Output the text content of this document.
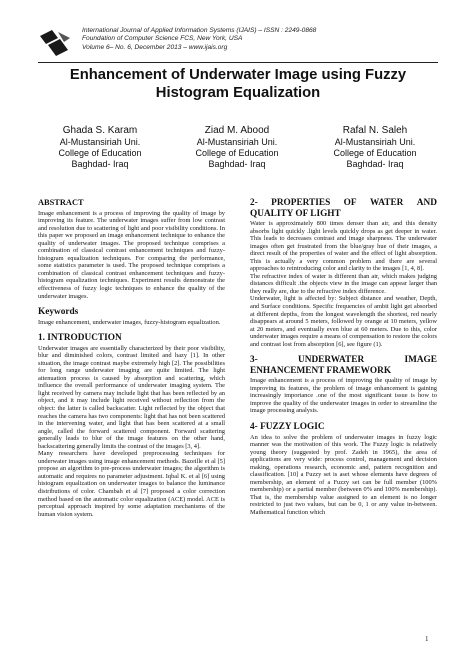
International Journal of Applied Information Systems (IJAIS) – ISSN : 2249-0868
Foundation of Computer Science FCS, New York, USA
Volume 6– No. 6, December 2013 – www.ijais.org
Enhancement of Underwater Image using Fuzzy
Histogram Equalization
Ghada S. Karam
Al-Mustansiriah Uni.
College of Education
Baghdad- Iraq
Ziad M. Abood
Al-Mustansiriah Uni.
College of Education
Baghdad- Iraq
Rafal N. Saleh
Al-Mustansiriah Uni.
College of Education
Baghdad- Iraq
ABSTRACT

Image enhancement is a process of improving the quality of image by improving its feature. The underwater images suffer from low contrast and resolution due to scattering of light and poor visibility conditions. In this paper we proposed an image enhancement technique to enhance the quality of underwater images. The proposed technique comprises a combination of classical contrast enhancement techniques and fuzzy-histogram equalization techniques. For comparing the performance, some statistics parameter is used. The proposed technique comprises a combination of classical contrast enhancement techniques and fuzzy-histogram equalization techniques. Experiment results demonstrate the effectiveness of fuzzy logic techniques to enhance the quality of the underwater images.

Keywords

Image enhancement, underwater images, fuzzy-histogram equalization.

1. INTRODUCTION

Underwater images are essentially characterized by their poor visibility, blur and diminished colors, contrast limited and hazy [1]. In other situation, the image contrast maybe extremely high [2]. The possibilities for long range underwater imaging are quite limited. The light attenuation process is caused by absorption and scattering, which influence the overall performance of underwater imaging system. The light received by camera may include light that has been reflected by an object, and it may include light received without reflection from the object: the latter is called backscatter. Light reflected by the object that reaches the camera has two components: light that has not been scattered in the intervening water, and light that has been scattered at a small angle, called the forward scattered component. Forward scattering generally leads to blur of the image features on the other hand, backscattering generally limits the contrast of the images [3, 4].

Many researchers have developed preprocessing techniques for underwater images using image enhancement methods. Bazeille et al [5] propose an algorithm to pre-process underwater images; the algorithm is automatic and requires no parameter adjustment. Iqbal K. et al [6] using histogram equalization on underwater images to balance the luminance distributions of color. Chambah et al [7] proposed a color correction method based on the automatic color equalization (ACE) model. ACE is perceptual approach inspired by some adaptation mechanisms of the human vision system.

2- PROPERTIES OF WATER AND
QUALITY OF LIGHT

Water is approximately 800 times denser than air, and this density absorbs light quickly .light levels quickly drops as get deeper in water. This leads to decreases contrast and image sharpness. The underwater images often get frustrated from the blue/gray hue of their images, a direct result of the properties of water and the effect of light absorption. This is actually a very common problem and there are several approaches to reintroducing color and clarity to the images [1, 4, 8].

The refractive index of water is different than air, which makes judging distances difficult .the objects view in the image can appear larger than they really are, due to the refractive index difference.

Underwater, light is affected by: Subject distance and weather, Depth, and Surface conditions. Specific frequencies of ambit light get absorbed at different depths, from the longest wavelength the shortest, red nearly disappears at around 5 meters, followed by orange at 10 meters, yellow at 20 meters, and eventually even blue at 60 meters. Due to this, color underwater images require a means of compensation to restore the colors and contrast lost from absorption [6], see figure (1).

3-	UNDERWATER	IMAGE
ENHANCEMENT FRAMEWORK

Image enhancement is a process of improving the quality of image by improving its features, the problem of image enhancement is gaining increasingly importance .one of the most significant issue is how to improve the quality of the underwater images in order to streamline the image processing analysis.

4- FUZZY LOGIC

An idea to solve the problem of underwater images in fuzzy logic manner was the motivation of this work. The Fuzzy logic is relatively young theory (suggested by prof. Zadeh in 1965), the area of applications are very wide: process control, management and decision making, operations research, economic and, pattern recognition and classification. [10] a Fuzzy set is aset whose elements have degrees of membership, an element of a Fuzzy set can be full member (100% membership) or a partial member (between 0% and 100% membership). That is, the membership value assigned to an element is no longer restricted to just two values, but can be 0, 1 or any value in-between. Mathematical function which

1
